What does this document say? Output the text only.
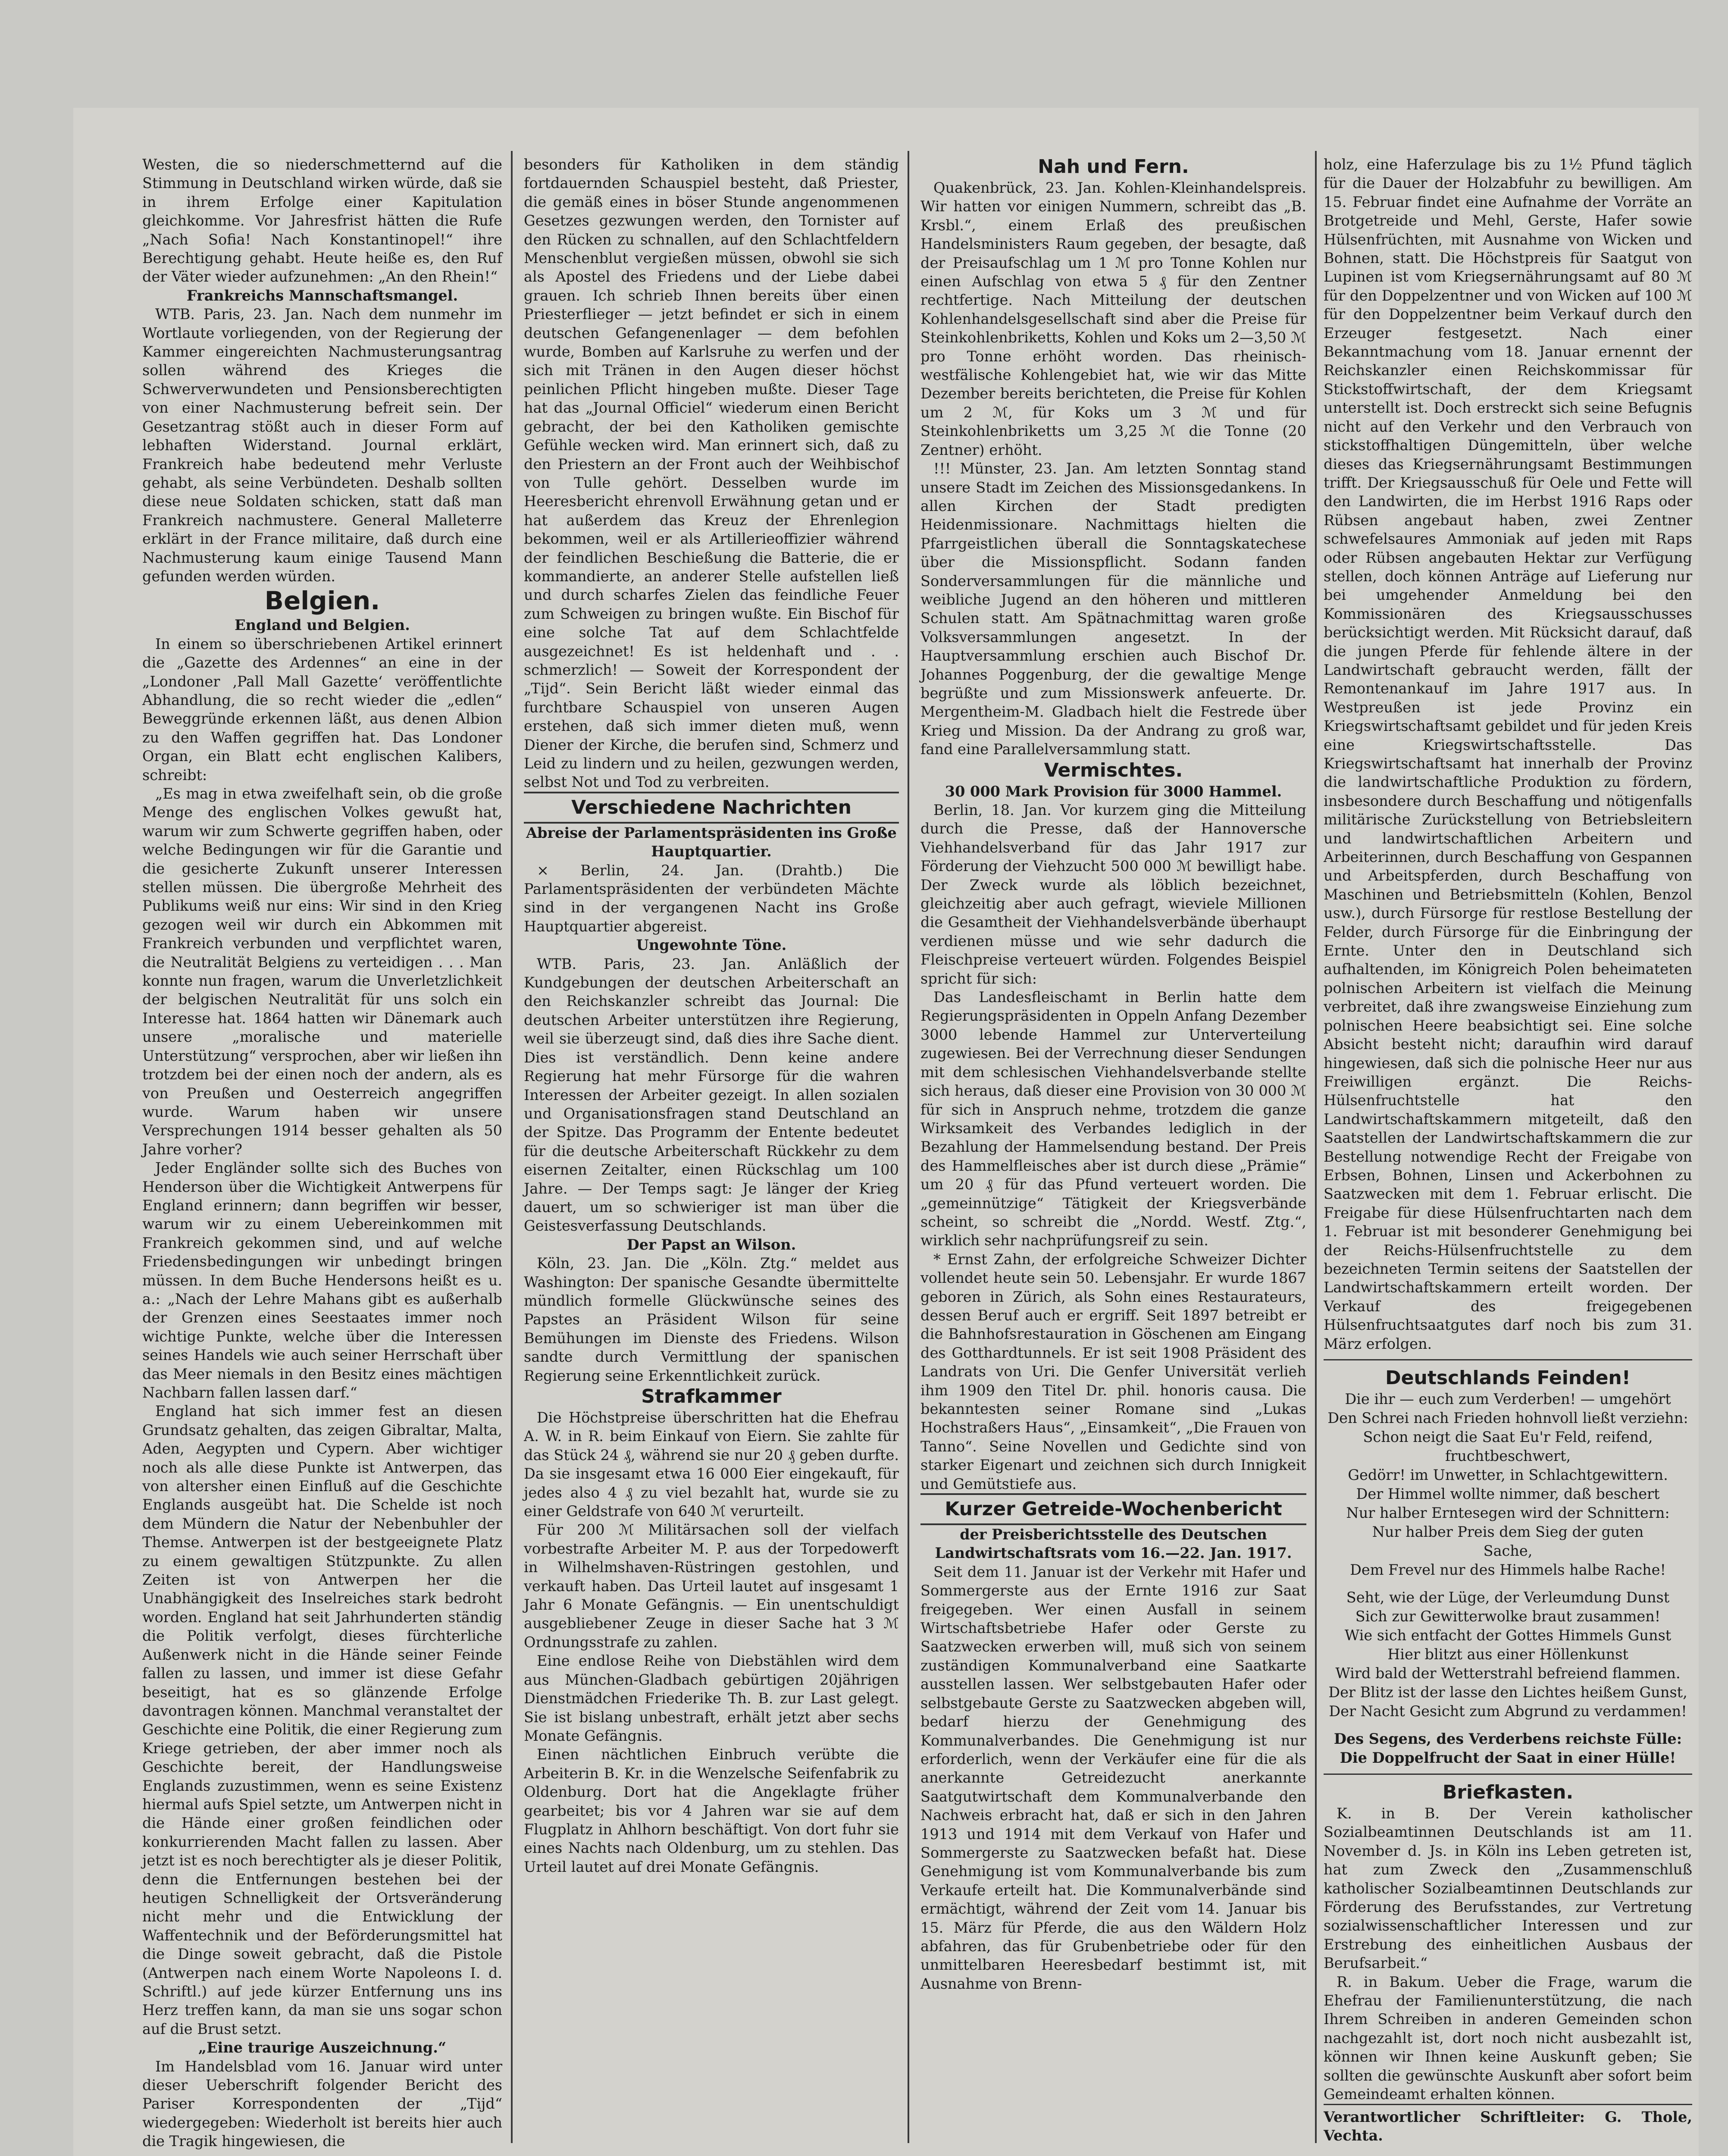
Westen, die so niederschmetternd auf die Stimmung in Deutschland wirken würde, daß sie in ihrem Erfolge einer Kapitulation gleichkomme. Vor Jahresfrist hätten die Rufe „Nach Sofia! Nach Konstantinopel!“ ihre Berechtigung gehabt. Heute heiße es, den Ruf der Väter wieder aufzunehmen: „An den Rhein!“

Frankreichs Mannschaftsmangel.

WTB. Paris, 23. Jan. Nach dem nunmehr im Wortlaute vorliegenden, von der Regierung der Kammer eingereichten Nachmusterungsantrag sollen während des Krieges die Schwerverwundeten und Pensionsberechtigten von einer Nachmusterung befreit sein. Der Gesetzantrag stößt auch in dieser Form auf lebhaften Widerstand. Journal erklärt, Frankreich habe bedeutend mehr Verluste gehabt, als seine Verbündeten. Deshalb sollten diese neue Soldaten schicken, statt daß man Frankreich nachmustere. General Malleterre erklärt in der France militaire, daß durch eine Nachmusterung kaum einige Tausend Mann gefunden werden würden.

Belgien.

England und Belgien.

In einem so überschriebenen Artikel erinnert die „Gazette des Ardennes“ an eine in der „Londoner ‚Pall Mall Gazette‘ veröffentlichte Abhandlung, die so recht wieder die „edlen“ Beweggründe erkennen läßt, aus denen Albion zu den Waffen gegriffen hat. Das Londoner Organ, ein Blatt echt englischen Kalibers, schreibt:

„Es mag in etwa zweifelhaft sein, ob die große Menge des englischen Volkes gewußt hat, warum wir zum Schwerte gegriffen haben, oder welche Bedingungen wir für die Garantie und die gesicherte Zukunft unserer Interessen stellen müssen. Die übergroße Mehrheit des Publikums weiß nur eins: Wir sind in den Krieg gezogen weil wir durch ein Abkommen mit Frankreich verbunden und verpflichtet waren, die Neutralität Belgiens zu verteidigen . . . Man konnte nun fragen, warum die Unverletzlichkeit der belgischen Neutralität für uns solch ein Interesse hat. 1864 hatten wir Dänemark auch unsere „moralische und materielle Unterstützung“ versprochen, aber wir ließen ihn trotzdem bei der einen noch der andern, als es von Preußen und Oesterreich angegriffen wurde. Warum haben wir unsere Versprechungen 1914 besser gehalten als 50 Jahre vorher?

Jeder Engländer sollte sich des Buches von Henderson über die Wichtigkeit Antwerpens für England erinnern; dann begriffen wir besser, warum wir zu einem Uebereinkommen mit Frankreich gekommen sind, und auf welche Friedensbedingungen wir unbedingt bringen müssen. In dem Buche Hendersons heißt es u. a.: „Nach der Lehre Mahans gibt es außerhalb der Grenzen eines Seestaates immer noch wichtige Punkte, welche über die Interessen seines Handels wie auch seiner Herrschaft über das Meer niemals in den Besitz eines mächtigen Nachbarn fallen lassen darf.“

England hat sich immer fest an diesen Grundsatz gehalten, das zeigen Gibraltar, Malta, Aden, Aegypten und Cypern. Aber wichtiger noch als alle diese Punkte ist Antwerpen, das von altersher einen Einfluß auf die Geschichte Englands ausgeübt hat. Die Schelde ist noch dem Mündern die Natur der Nebenbuhler der Themse. Antwerpen ist der bestgeeignete Platz zu einem gewaltigen Stützpunkte. Zu allen Zeiten ist von Antwerpen her die Unabhängigkeit des Inselreiches stark bedroht worden. England hat seit Jahrhunderten ständig die Politik verfolgt, dieses fürchterliche Außenwerk nicht in die Hände seiner Feinde fallen zu lassen, und immer ist diese Gefahr beseitigt, hat es so glänzende Erfolge davontragen können. Manchmal veranstaltet der Geschichte eine Politik, die einer Regierung zum Kriege getrieben, der aber immer noch als Geschichte bereit, der Handlungsweise Englands zuzustimmen, wenn es seine Existenz hiermal aufs Spiel setzte, um Antwerpen nicht in die Hände einer großen feindlichen oder konkurrierenden Macht fallen zu lassen. Aber jetzt ist es noch berechtigter als je dieser Politik, denn die Entfernungen bestehen bei der heutigen Schnelligkeit der Ortsveränderung nicht mehr und die Entwicklung der Waffentechnik und der Beförderungsmittel hat die Dinge soweit gebracht, daß die Pistole (Antwerpen nach einem Worte Napoleons I. d. Schriftl.) auf jede kürzer Entfernung uns ins Herz treffen kann, da man sie uns sogar schon auf die Brust setzt.

„Eine traurige Auszeichnung.“

Im Handelsblad vom 16. Januar wird unter dieser Ueberschrift folgender Bericht des Pariser Korrespondenten der „Tijd“ wiedergegeben: Wiederholt ist bereits hier auch die Tragik hingewiesen, die

besonders für Katholiken in dem ständig fortdauernden Schauspiel besteht, daß Priester, die gemäß eines in böser Stunde angenommenen Gesetzes gezwungen werden, den Tornister auf den Rücken zu schnallen, auf den Schlachtfeldern Menschenblut vergießen müssen, obwohl sie sich als Apostel des Friedens und der Liebe dabei grauen. Ich schrieb Ihnen bereits über einen Priesterflieger — jetzt befindet er sich in einem deutschen Gefangenenlager — dem befohlen wurde, Bomben auf Karlsruhe zu werfen und der sich mit Tränen in den Augen dieser höchst peinlichen Pflicht hingeben mußte. Dieser Tage hat das „Journal Officiel“ wiederum einen Bericht gebracht, der bei den Katholiken gemischte Gefühle wecken wird. Man erinnert sich, daß zu den Priestern an der Front auch der Weihbischof von Tulle gehört. Desselben wurde im Heeresbericht ehrenvoll Erwähnung getan und er hat außerdem das Kreuz der Ehrenlegion bekommen, weil er als Artillerieoffizier während der feindlichen Beschießung die Batterie, die er kommandierte, an anderer Stelle aufstellen ließ und durch scharfes Zielen das feindliche Feuer zum Schweigen zu bringen wußte. Ein Bischof für eine solche Tat auf dem Schlachtfelde ausgezeichnet! Es ist heldenhaft und . . schmerzlich! — Soweit der Korrespondent der „Tijd“. Sein Bericht läßt wieder einmal das furchtbare Schauspiel von unseren Augen erstehen, daß sich immer dieten muß, wenn Diener der Kirche, die berufen sind, Schmerz und Leid zu lindern und zu heilen, gezwungen werden, selbst Not und Tod zu verbreiten.

Verschiedene Nachrichten

Abreise der Parlamentspräsidenten ins Große Hauptquartier.

× Berlin, 24. Jan. (Drahtb.) Die Parlamentspräsidenten der verbündeten Mächte sind in der vergangenen Nacht ins Große Hauptquartier abgereist.

Ungewohnte Töne.

WTB. Paris, 23. Jan. Anläßlich der Kundgebungen der deutschen Arbeiterschaft an den Reichskanzler schreibt das Journal: Die deutschen Arbeiter unterstützen ihre Regierung, weil sie überzeugt sind, daß dies ihre Sache dient. Dies ist verständlich. Denn keine andere Regierung hat mehr Fürsorge für die wahren Interessen der Arbeiter gezeigt. In allen sozialen und Organisationsfragen stand Deutschland an der Spitze. Das Programm der Entente bedeutet für die deutsche Arbeiterschaft Rückkehr zu dem eisernen Zeitalter, einen Rückschlag um 100 Jahre. — Der Temps sagt: Je länger der Krieg dauert, um so schwieriger ist man über die Geistesverfassung Deutschlands.

Der Papst an Wilson.

Köln, 23. Jan. Die „Köln. Ztg.“ meldet aus Washington: Der spanische Gesandte übermittelte mündlich formelle Glückwünsche seines des Papstes an Präsident Wilson für seine Bemühungen im Dienste des Friedens. Wilson sandte durch Vermittlung der spanischen Regierung seine Erkenntlichkeit zurück.

Strafkammer

Die Höchstpreise überschritten hat die Ehefrau A. W. in R. beim Einkauf von Eiern. Sie zahlte für das Stück 24 ₰, während sie nur 20 ₰ geben durfte. Da sie insgesamt etwa 16 000 Eier eingekauft, für jedes also 4 ₰ zu viel bezahlt hat, wurde sie zu einer Geldstrafe von 640 ℳ verurteilt.

Für 200 ℳ Militärsachen soll der vielfach vorbestrafte Arbeiter M. P. aus der Torpedowerft in Wilhelmshaven-Rüstringen gestohlen, und verkauft haben. Das Urteil lautet auf insgesamt 1 Jahr 6 Monate Gefängnis. — Ein unentschuldigt ausgebliebener Zeuge in dieser Sache hat 3 ℳ Ordnungsstrafe zu zahlen.

Eine endlose Reihe von Diebstählen wird dem aus München-Gladbach gebürtigen 20jährigen Dienstmädchen Friederike Th. B. zur Last gelegt. Sie ist bislang unbestraft, erhält jetzt aber sechs Monate Gefängnis.

Einen nächtlichen Einbruch verübte die Arbeiterin B. Kr. in die Wenzelsche Seifenfabrik zu Oldenburg. Dort hat die Angeklagte früher gearbeitet; bis vor 4 Jahren war sie auf dem Flugplatz in Ahlhorn beschäftigt. Von dort fuhr sie eines Nachts nach Oldenburg, um zu stehlen. Das Urteil lautet auf drei Monate Gefängnis.

Nah und Fern.

Quakenbrück, 23. Jan. Kohlen-Kleinhandelspreis. Wir hatten vor einigen Nummern, schreibt das „B. Krsbl.“, einem Erlaß des preußischen Handelsministers Raum gegeben, der besagte, daß der Preisaufschlag um 1 ℳ pro Tonne Kohlen nur einen Aufschlag von etwa 5 ₰ für den Zentner rechtfertige. Nach Mitteilung der deutschen Kohlenhandelsgesellschaft sind aber die Preise für Steinkohlenbriketts, Kohlen und Koks um 2—3,50 ℳ pro Tonne erhöht worden. Das rheinisch-westfälische Kohlengebiet hat, wie wir das Mitte Dezember bereits berichteten, die Preise für Kohlen um 2 ℳ, für Koks um 3 ℳ und für Steinkohlenbriketts um 3,25 ℳ die Tonne (20 Zentner) erhöht.

!!! Münster, 23. Jan. Am letzten Sonntag stand unsere Stadt im Zeichen des Missionsgedankens. In allen Kirchen der Stadt predigten Heidenmissionare. Nachmittags hielten die Pfarrgeistlichen überall die Sonntagskatechese über die Missionspflicht. Sodann fanden Sonderversammlungen für die männliche und weibliche Jugend an den höheren und mittleren Schulen statt. Am Spätnachmittag waren große Volksversammlungen angesetzt. In der Hauptversammlung erschien auch Bischof Dr. Johannes Poggenburg, der die gewaltige Menge begrüßte und zum Missionswerk anfeuerte. Dr. Mergentheim-M. Gladbach hielt die Festrede über Krieg und Mission. Da der Andrang zu groß war, fand eine Parallelversammlung statt.

Vermischtes.

30 000 Mark Provision für 3000 Hammel.

Berlin, 18. Jan. Vor kurzem ging die Mitteilung durch die Presse, daß der Hannoversche Viehhandelsverband für das Jahr 1917 zur Förderung der Viehzucht 500 000 ℳ bewilligt habe. Der Zweck wurde als löblich bezeichnet, gleichzeitig aber auch gefragt, wieviele Millionen die Gesamtheit der Viehhandelsverbände überhaupt verdienen müsse und wie sehr dadurch die Fleischpreise verteuert würden. Folgendes Beispiel spricht für sich:

Das Landesfleischamt in Berlin hatte dem Regierungspräsidenten in Oppeln Anfang Dezember 3000 lebende Hammel zur Unterverteilung zugewiesen. Bei der Verrechnung dieser Sendungen mit dem schlesischen Viehhandelsverbande stellte sich heraus, daß dieser eine Provision von 30 000 ℳ für sich in Anspruch nehme, trotzdem die ganze Wirksamkeit des Verbandes lediglich in der Bezahlung der Hammelsendung bestand. Der Preis des Hammelfleisches aber ist durch diese „Prämie“ um 20 ₰ für das Pfund verteuert worden. Die „gemeinnützige“ Tätigkeit der Kriegsverbände scheint, so schreibt die „Nordd. Westf. Ztg.“, wirklich sehr nachprüfungsreif zu sein.

* Ernst Zahn, der erfolgreiche Schweizer Dichter vollendet heute sein 50. Lebensjahr. Er wurde 1867 geboren in Zürich, als Sohn eines Restaurateurs, dessen Beruf auch er ergriff. Seit 1897 betreibt er die Bahnhofsrestauration in Göschenen am Eingang des Gotthardtunnels. Er ist seit 1908 Präsident des Landrats von Uri. Die Genfer Universität verlieh ihm 1909 den Titel Dr. phil. honoris causa. Die bekanntesten seiner Romane sind „Lukas Hochstraßers Haus“, „Einsamkeit“, „Die Frauen von Tanno“. Seine Novellen und Gedichte sind von starker Eigenart und zeichnen sich durch Innigkeit und Gemütstiefe aus.

Kurzer Getreide-Wochenbericht

der Preisberichtsstelle des Deutschen Landwirtschaftsrats vom 16.—22. Jan. 1917.

Seit dem 11. Januar ist der Verkehr mit Hafer und Sommergerste aus der Ernte 1916 zur Saat freigegeben. Wer einen Ausfall in seinem Wirtschaftsbetriebe Hafer oder Gerste zu Saatzwecken erwerben will, muß sich von seinem zuständigen Kommunalverband eine Saatkarte ausstellen lassen. Wer selbstgebauten Hafer oder selbstgebaute Gerste zu Saatzwecken abgeben will, bedarf hierzu der Genehmigung des Kommunalverbandes. Die Genehmigung ist nur erforderlich, wenn der Verkäufer eine für die als anerkannte Getreidezucht anerkannte Saatgutwirtschaft dem Kommunalverbande den Nachweis erbracht hat, daß er sich in den Jahren 1913 und 1914 mit dem Verkauf von Hafer und Sommergerste zu Saatzwecken befaßt hat. Diese Genehmigung ist vom Kommunalverbande bis zum Verkaufe erteilt hat. Die Kommunalverbände sind ermächtigt, während der Zeit vom 14. Januar bis 15. März für Pferde, die aus den Wäldern Holz abfahren, das für Grubenbetriebe oder für den unmittelbaren Heeresbedarf bestimmt ist, mit Ausnahme von Brenn-

holz, eine Haferzulage bis zu 1½ Pfund täglich für die Dauer der Holzabfuhr zu bewilligen. Am 15. Februar findet eine Aufnahme der Vorräte an Brotgetreide und Mehl, Gerste, Hafer sowie Hülsenfrüchten, mit Ausnahme von Wicken und Bohnen, statt. Die Höchstpreis für Saatgut von Lupinen ist vom Kriegsernährungsamt auf 80 ℳ für den Doppelzentner und von Wicken auf 100 ℳ für den Doppelzentner beim Verkauf durch den Erzeuger festgesetzt. Nach einer Bekanntmachung vom 18. Januar ernennt der Reichskanzler einen Reichskommissar für Stickstoffwirtschaft, der dem Kriegsamt unterstellt ist. Doch erstreckt sich seine Befugnis nicht auf den Verkehr und den Verbrauch von stickstoffhaltigen Düngemitteln, über welche dieses das Kriegsernährungsamt Bestimmungen trifft. Der Kriegsausschuß für Oele und Fette will den Landwirten, die im Herbst 1916 Raps oder Rübsen angebaut haben, zwei Zentner schwefelsaures Ammoniak auf jeden mit Raps oder Rübsen angebauten Hektar zur Verfügung stellen, doch können Anträge auf Lieferung nur bei umgehender Anmeldung bei den Kommissionären des Kriegsausschusses berücksichtigt werden. Mit Rücksicht darauf, daß die jungen Pferde für fehlende ältere in der Landwirtschaft gebraucht werden, fällt der Remontenankauf im Jahre 1917 aus. In Westpreußen ist jede Provinz ein Kriegswirtschaftsamt gebildet und für jeden Kreis eine Kriegswirtschaftsstelle. Das Kriegswirtschaftsamt hat innerhalb der Provinz die landwirtschaftliche Produktion zu fördern, insbesondere durch Beschaffung und nötigenfalls militärische Zurückstellung von Betriebsleitern und landwirtschaftlichen Arbeitern und Arbeiterinnen, durch Beschaffung von Gespannen und Arbeitspferden, durch Beschaffung von Maschinen und Betriebsmitteln (Kohlen, Benzol usw.), durch Fürsorge für restlose Bestellung der Felder, durch Fürsorge für die Einbringung der Ernte. Unter den in Deutschland sich aufhaltenden, im Königreich Polen beheimateten polnischen Arbeitern ist vielfach die Meinung verbreitet, daß ihre zwangsweise Einziehung zum polnischen Heere beabsichtigt sei. Eine solche Absicht besteht nicht; daraufhin wird darauf hingewiesen, daß sich die polnische Heer nur aus Freiwilligen ergänzt. Die Reichs-Hülsenfruchtstelle hat den Landwirtschaftskammern mitgeteilt, daß den Saatstellen der Landwirtschaftskammern die zur Bestellung notwendige Recht der Freigabe von Erbsen, Bohnen, Linsen und Ackerbohnen zu Saatzwecken mit dem 1. Februar erlischt. Die Freigabe für diese Hülsenfruchtarten nach dem 1. Februar ist mit besonderer Genehmigung bei der Reichs-Hülsenfruchtstelle zu dem bezeichneten Termin seitens der Saatstellen der Landwirtschaftskammern erteilt worden. Der Verkauf des freigegebenen Hülsenfruchtsaatgutes darf noch bis zum 31. März erfolgen.

Deutschlands Feinden!

Die ihr — euch zum Verderben! — umgehört
Den Schrei nach Frieden hohnvoll ließt verziehn:
Schon neigt die Saat Eu'r Feld, reifend, fruchtbeschwert,
Gedörr! im Unwetter, in Schlachtgewittern.
Der Himmel wollte nimmer, daß beschert
Nur halber Erntesegen wird der Schnittern:
Nur halber Preis dem Sieg der guten
Sache,
Dem Frevel nur des Himmels halbe Rache!
Seht, wie der Lüge, der Verleumdung Dunst
Sich zur Gewitterwolke braut zusammen!
Wie sich entfacht der Gottes Himmels Gunst
Hier blitzt aus einer Höllenkunst
Wird bald der Wetterstrahl befreiend flammen.
Der Blitz ist der lasse den Lichtes heißem Gunst,
Der Nacht Gesicht zum Abgrund zu verdammen!
Des Segens, des Verderbens reichste Fülle:
Die Doppelfrucht der Saat in einer Hülle!

Briefkasten.

K. in B. Der Verein katholischer Sozialbeamtinnen Deutschlands ist am 11. November d. Js. in Köln ins Leben getreten ist, hat zum Zweck den „Zusammenschluß katholischer Sozialbeamtinnen Deutschlands zur Förderung des Berufsstandes, zur Vertretung sozialwissenschaftlicher Interessen und zur Erstrebung des einheitlichen Ausbaus der Berufsarbeit.“

R. in Bakum. Ueber die Frage, warum die Ehefrau der Familienunterstützung, die nach Ihrem Schreiben in anderen Gemeinden schon nachgezahlt ist, dort noch nicht ausbezahlt ist, können wir Ihnen keine Auskunft geben; Sie sollten die gewünschte Auskunft aber sofort beim Gemeindeamt erhalten können.

Verantwortlicher Schriftleiter: G. Thole, Vechta.
